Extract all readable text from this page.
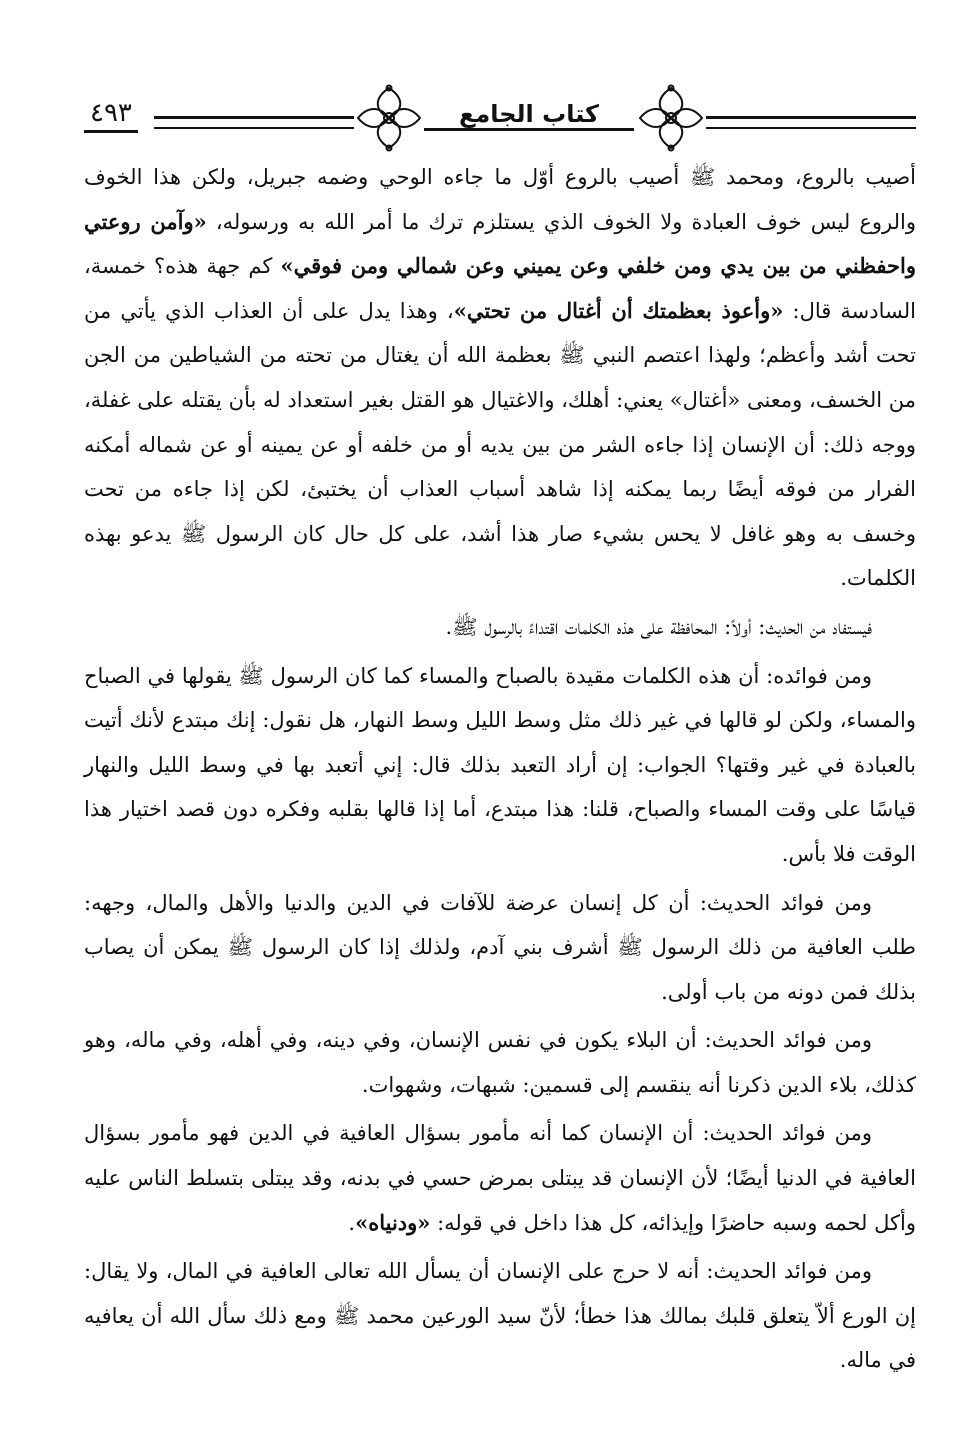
٤٩٣	كتاب الجامع

أصيب بالروع، ومحمد ﷺ أصيب بالروع أوّل ما جاءه الوحي وضمه جبريل، ولكن هذا الخوف والروع ليس خوف العبادة ولا الخوف الذي يستلزم ترك ما أمر الله به ورسوله، «وآمن روعتي واحفظني من بين يدي ومن خلفي وعن يميني وعن شمالي ومن فوقي» كم جهة هذه؟ خمسة، السادسة قال: «وأعوذ بعظمتك أن أغتال من تحتي»، وهذا يدل على أن العذاب الذي يأتي من تحت أشد وأعظم؛ ولهذا اعتصم النبي ﷺ بعظمة الله أن يغتال من تحته من الشياطين من الجن من الخسف، ومعنى «أغتال» يعني: أهلك، والاغتيال هو القتل بغير استعداد له بأن يقتله على غفلة، ووجه ذلك: أن الإنسان إذا جاءه الشر من بين يديه أو من خلفه أو عن يمينه أو عن شماله أمكنه الفرار من فوقه أيضًا ربما يمكنه إذا شاهد أسباب العذاب أن يختبئ، لكن إذا جاءه من تحت وخسف به وهو غافل لا يحس بشيء صار هذا أشد، على كل حال كان الرسول ﷺ يدعو بهذه الكلمات.

فيستفاد من الحديث: أولاً: المحافظة على هذه الكلمات اقتداءً بالرسول ﷺ.

ومن فوائده: أن هذه الكلمات مقيدة بالصباح والمساء كما كان الرسول ﷺ يقولها في الصباح والمساء، ولكن لو قالها في غير ذلك مثل وسط الليل وسط النهار، هل نقول: إنك مبتدع لأنك أتيت بالعبادة في غير وقتها؟ الجواب: إن أراد التعبد بذلك قال: إني أتعبد بها في وسط الليل والنهار قياسًا على وقت المساء والصباح، قلنا: هذا مبتدع، أما إذا قالها بقلبه وفكره دون قصد اختيار هذا الوقت فلا بأس.

ومن فوائد الحديث: أن كل إنسان عرضة للآفات في الدين والدنيا والأهل والمال، وجهه: طلب العافية من ذلك الرسول ﷺ أشرف بني آدم، ولذلك إذا كان الرسول ﷺ يمكن أن يصاب بذلك فمن دونه من باب أولى.

ومن فوائد الحديث: أن البلاء يكون في نفس الإنسان، وفي دينه، وفي أهله، وفي ماله، وهو كذلك، بلاء الدين ذكرنا أنه ينقسم إلى قسمين: شبهات، وشهوات.

ومن فوائد الحديث: أن الإنسان كما أنه مأمور بسؤال العافية في الدين فهو مأمور بسؤال العافية في الدنيا أيضًا؛ لأن الإنسان قد يبتلى بمرض حسي في بدنه، وقد يبتلى بتسلط الناس عليه وأكل لحمه وسبه حاضرًا وإيذائه، كل هذا داخل في قوله: «ودنياه».

ومن فوائد الحديث: أنه لا حرج على الإنسان أن يسأل الله تعالى العافية في المال، ولا يقال: إن الورع ألاّ يتعلق قلبك بمالك هذا خطأ؛ لأنّ سيد الورعين محمد ﷺ ومع ذلك سأل الله أن يعافيه في ماله.
